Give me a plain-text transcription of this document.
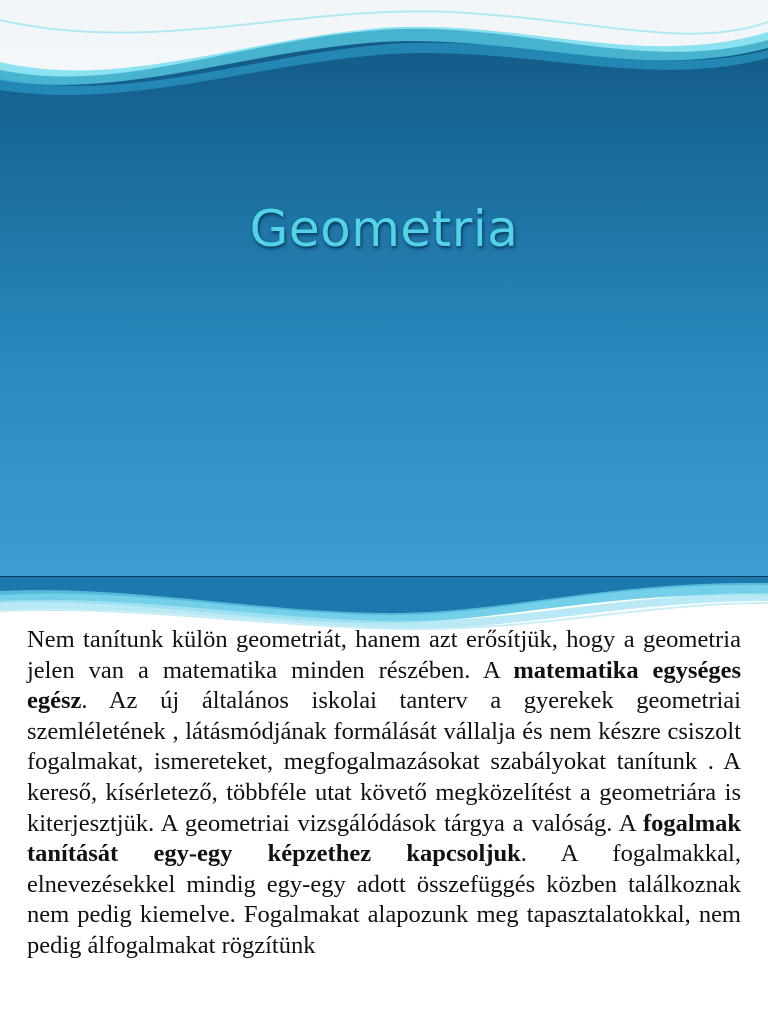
Geometria

Nem tanítunk külön geometriát, hanem azt erősítjük, hogy a geometria jelen van a matematika minden részében. A matematika egységes egész. Az új általános iskolai tanterv a gyerekek geometriai szemléletének , látásmódjának formálását vállalja és nem készre csiszolt fogalmakat, ismereteket, megfogalmazásokat szabályokat tanítunk . A kereső, kísérletező, többféle utat követő megközelítést a geometriára is kiterjesztjük. A geometriai vizsgálódások tárgya a valóság. A fogalmak tanítását egy-egy képzethez kapcsoljuk. A fogalmakkal, elnevezésekkel mindig egy-egy adott összefüggés közben találkoznak nem pedig kiemelve. Fogalmakat alapozunk meg tapasztalatokkal, nem pedig álfogalmakat rögzítünk
